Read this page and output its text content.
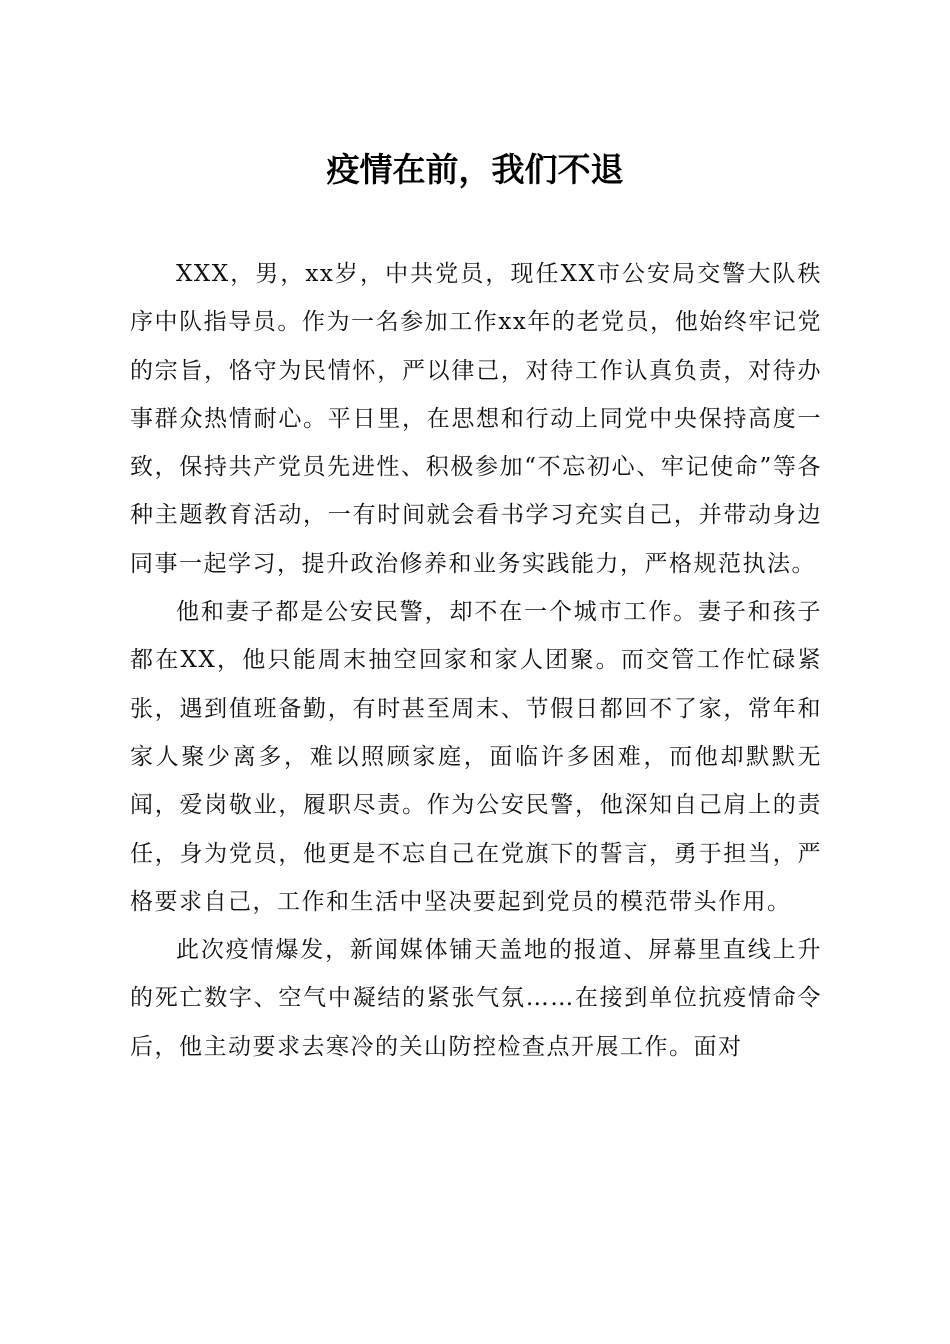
疫情在前，我们不退

XXX，男，xx岁，中共党员，现任XX市公安局交警大队秩序中队指导员。作为一名参加工作xx年的老党员，他始终牢记党的宗旨，恪守为民情怀，严以律己，对待工作认真负责，对待办事群众热情耐心。平日里，在思想和行动上同党中央保持高度一致，保持共产党员先进性、积极参加“不忘初心、牢记使命”等各种主题教育活动，一有时间就会看书学习充实自己，并带动身边同事一起学习，提升政治修养和业务实践能力，严格规范执法。

他和妻子都是公安民警，却不在一个城市工作。妻子和孩子都在XX，他只能周末抽空回家和家人团聚。而交管工作忙碌紧张，遇到值班备勤，有时甚至周末、节假日都回不了家，常年和家人聚少离多，难以照顾家庭，面临许多困难，而他却默默无闻，爱岗敬业，履职尽责。作为公安民警，他深知自己肩上的责任，身为党员，他更是不忘自己在党旗下的誓言，勇于担当，严格要求自己，工作和生活中坚决要起到党员的模范带头作用。

此次疫情爆发，新闻媒体铺天盖地的报道、屏幕里直线上升的死亡数字、空气中凝结的紧张气氛……在接到单位抗疫情命令后，他主动要求去寒冷的关山防控检查点开展工作。面对
